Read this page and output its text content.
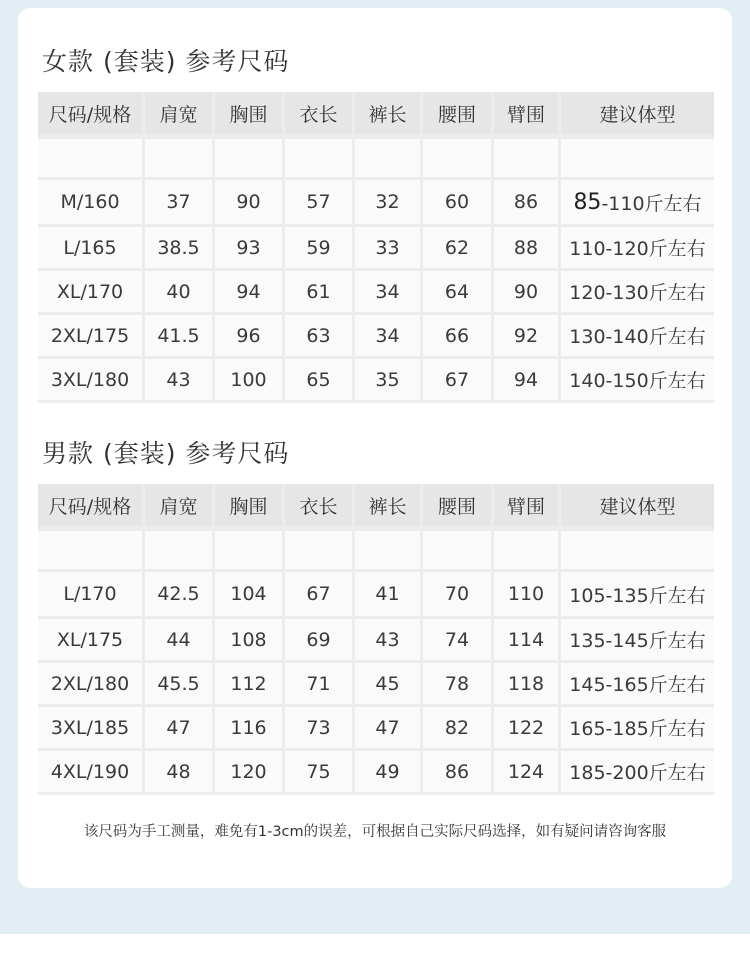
女款 (套装) 参考尺码
尺码/规格	肩宽	胸围	衣长	裤长	腰围	臂围	建议体型
M/160	37	90	57	32	60	86	85 -110斤左右
L/165	38.5	93	59	33	62	88	110-120斤左右
XL/170	40	94	61	34	64	90	120-130斤左右
2XL/175	41.5	96	63	34	66	92	130-140斤左右
3XL/180	43	100	65	35	67	94	140-150斤左右
男款 (套装) 参考尺码
尺码/规格	肩宽	胸围	衣长	裤长	腰围	臂围	建议体型
L/170	42.5	104	67	41	70	110	105-135斤左右
XL/175	44	108	69	43	74	114	135-145斤左右
2XL/180	45.5	112	71	45	78	118	145-165斤左右
3XL/185	47	116	73	47	82	122	165-185斤左右
4XL/190	48	120	75	49	86	124	185-200斤左右
该尺码为手工测量，难免有1-3cm的误差，可根据自己实际尺码选择，如有疑问请咨询客服
